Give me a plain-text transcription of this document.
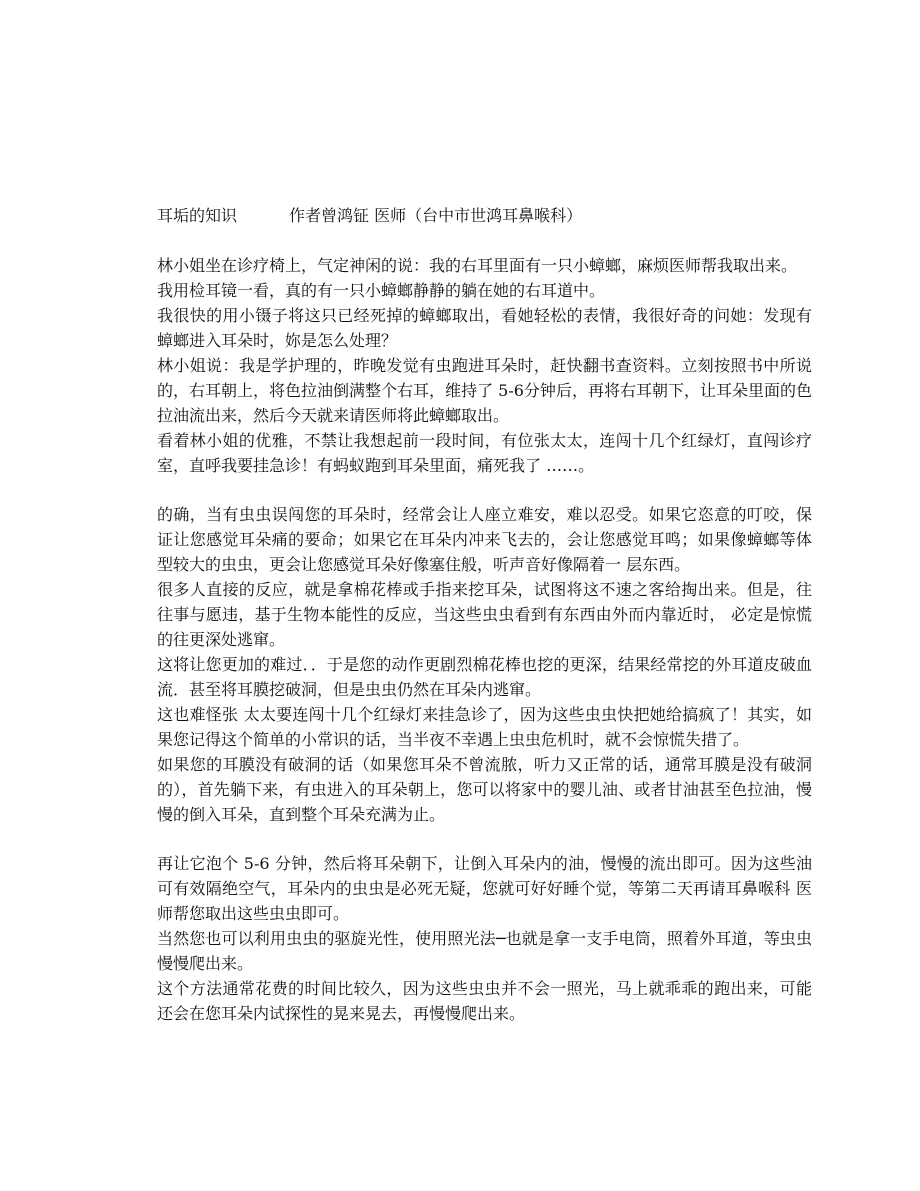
耳垢的知识	作者曾鸿钲 医师（台中市世鸿耳鼻喉科）

林小姐坐在诊疗椅上，气定神闲的说：我的右耳里面有一只小蟑螂，麻烦医师帮我取出来。

我用检耳镜一看，真的有一只小蟑螂静静的躺在她的右耳道中。

我很快的用小镊子将这只已经死掉的蟑螂取出，看她轻松的表情，我很好奇的问她：发现有蟑螂进入耳朵时，妳是怎么处理？

林小姐说：我是学护理的，昨晚发觉有虫跑进耳朵时，赶快翻书查资料。立刻按照书中所说的，右耳朝上，将色拉油倒满整个右耳，维持了 5-6分钟后，再将右耳朝下，让耳朵里面的色拉油流出来，然后今天就来请医师将此蟑螂取出。

看着林小姐的优雅，不禁让我想起前一段时间，有位张太太，连闯十几个红绿灯，直闯诊疗室，直呼我要挂急诊！有蚂蚁跑到耳朵里面，痛死我了 ……。

的确，当有虫虫误闯您的耳朵时，经常会让人座立难安，难以忍受。如果它恣意的叮咬，保证让您感觉耳朵痛的要命；如果它在耳朵内冲来飞去的，会让您感觉耳鸣；如果像蟑螂等体型较大的虫虫，更会让您感觉耳朵好像塞住般，听声音好像隔着一 层东西。

很多人直接的反应，就是拿棉花棒或手指来挖耳朵，试图将这不速之客给掏出来。但是，往往事与愿违，基于生物本能性的反应，当这些虫虫看到有东西由外而内靠近时， 必定是惊慌的往更深处逃窜。

这将让您更加的难过．．于是您的动作更剧烈棉花棒也挖的更深，结果经常挖的外耳道皮破血流．甚至将耳膜挖破洞，但是虫虫仍然在耳朵内逃窜。

这也难怪张 太太要连闯十几个红绿灯来挂急诊了，因为这些虫虫快把她给搞疯了！其实，如果您记得这个简单的小常识的话，当半夜不幸遇上虫虫危机时，就不会惊慌失措了。

如果您的耳膜没有破洞的话（如果您耳朵不曾流脓，听力又正常的话，通常耳膜是没有破洞的），首先躺下来，有虫进入的耳朵朝上，您可以将家中的婴儿油、或者甘油甚至色拉油，慢慢的倒入耳朵，直到整个耳朵充满为止。

再让它泡个 5-6 分钟，然后将耳朵朝下，让倒入耳朵内的油，慢慢的流出即可。因为这些油可有效隔绝空气，耳朵内的虫虫是必死无疑，您就可好好睡个觉，等第二天再请耳鼻喉科 医师帮您取出这些虫虫即可。

当然您也可以利用虫虫的驱旋光性，使用照光法─也就是拿一支手电筒，照着外耳道，等虫虫慢慢爬出来。

这个方法通常花费的时间比较久，因为这些虫虫并不会一照光，马上就乖乖的跑出来，可能还会在您耳朵内试探性的晃来晃去，再慢慢爬出来。
